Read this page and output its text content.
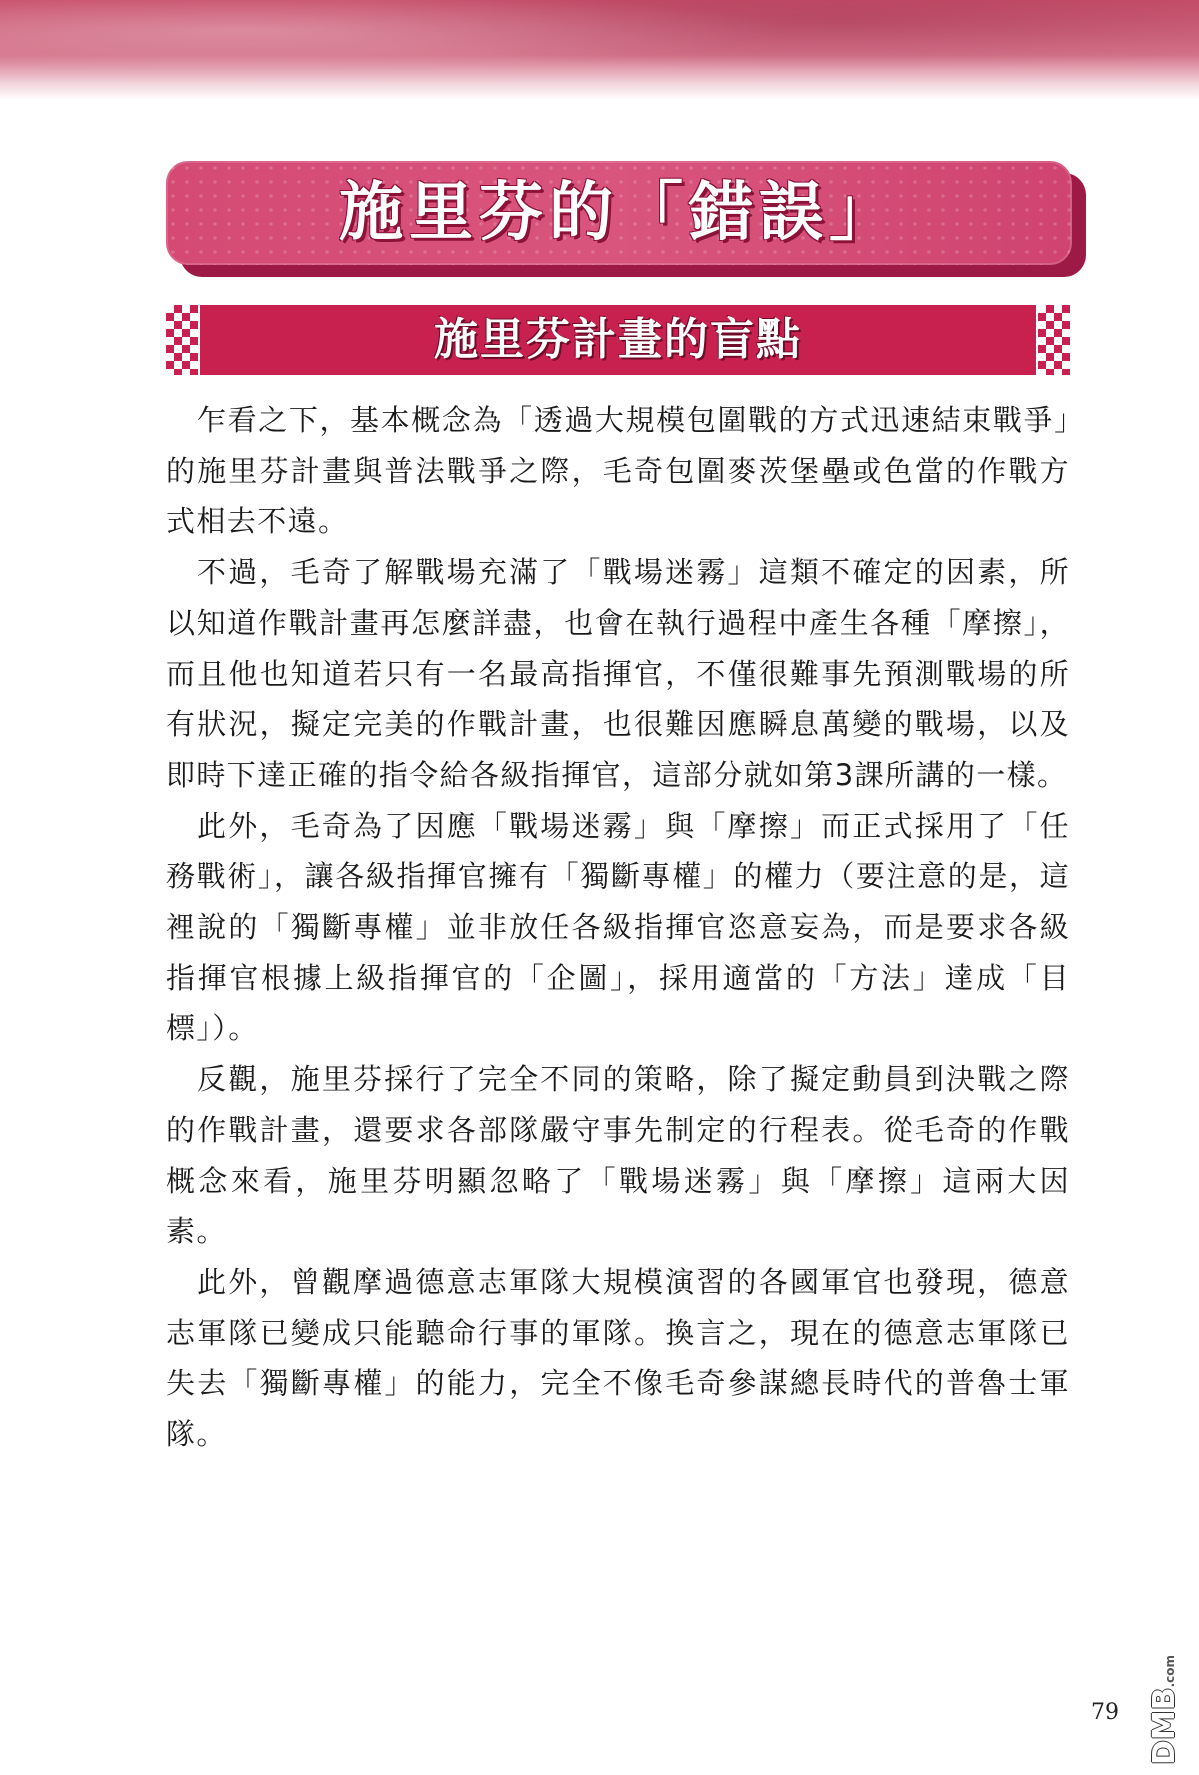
施里芬的「錯誤」
施里芬計畫的盲點

乍看之下，基本概念為「透過大規模包圍戰的方式迅速結束戰爭」的施里芬計畫與普法戰爭之際，毛奇包圍麥茨堡壘或色當的作戰方式相去不遠。

不過，毛奇了解戰場充滿了「戰場迷霧」這類不確定的因素，所以知道作戰計畫再怎麼詳盡，也會在執行過程中產生各種「摩擦」，而且他也知道若只有一名最高指揮官，不僅很難事先預測戰場的所有狀況，擬定完美的作戰計畫，也很難因應瞬息萬變的戰場，以及即時下達正確的指令給各級指揮官，這部分就如第3課所講的一樣。

此外，毛奇為了因應「戰場迷霧」與「摩擦」而正式採用了「任務戰術」，讓各級指揮官擁有「獨斷專權」的權力（要注意的是，這裡說的「獨斷專權」並非放任各級指揮官恣意妄為，而是要求各級指揮官根據上級指揮官的「企圖」，採用適當的「方法」達成「目標」）。

反觀，施里芬採行了完全不同的策略，除了擬定動員到決戰之際的作戰計畫，還要求各部隊嚴守事先制定的行程表。從毛奇的作戰概念來看，施里芬明顯忽略了「戰場迷霧」與「摩擦」這兩大因素。

此外，曾觀摩過德意志軍隊大規模演習的各國軍官也發現，德意志軍隊已變成只能聽命行事的軍隊。換言之，現在的德意志軍隊已失去「獨斷專權」的能力，完全不像毛奇參謀總長時代的普魯士軍隊。

79 DMB.com
